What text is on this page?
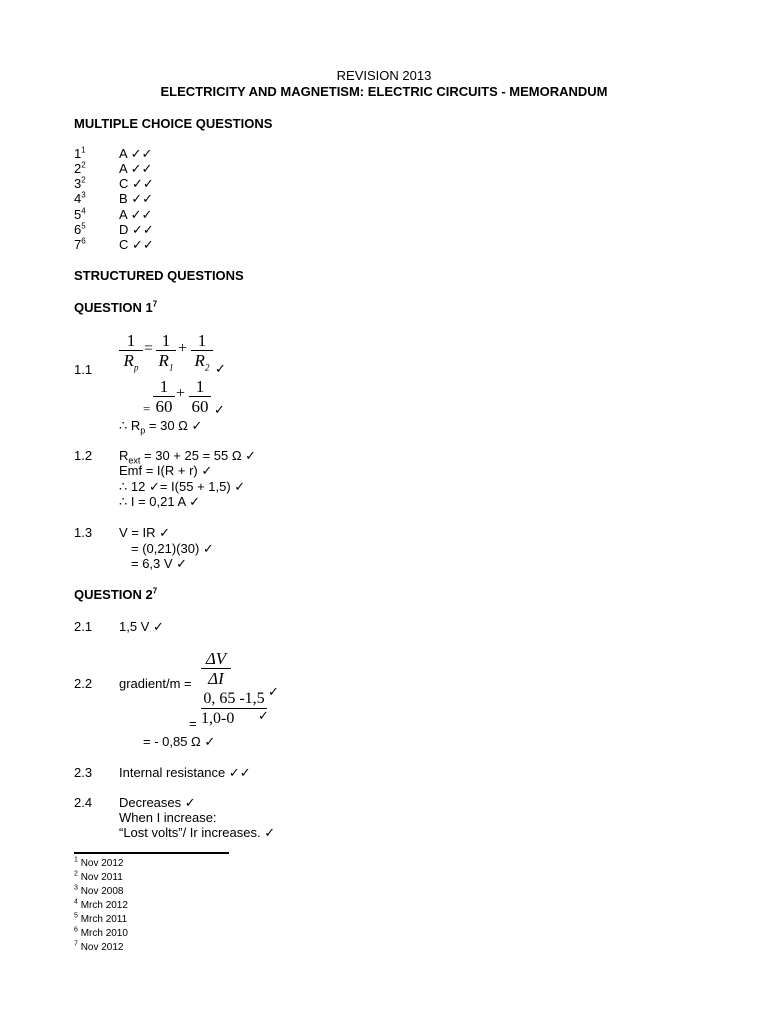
REVISION 2013
ELECTRICITY AND MAGNETISM: ELECTRIC CIRCUITS - MEMORANDUM
MULTIPLE CHOICE QUESTIONS
$1^1$	A ✓✓
$2^2$	A ✓✓
$3^2$	C ✓✓
$4^3$	B ✓✓
$5^4$	A ✓✓
$6^5$	D ✓✓
$7^6$	C ✓✓
STRUCTURED QUESTIONS
QUESTION $1^7$
1.1
1
$R_p$
= 1
$R_1$
+ 1
$R_2$ ✓
=
1
60
+ 1
60 ✓
∴ $R_p = 30$ Ω ✓
1.2 $R_{ext} = 30 + 25 = 55$ Ω ✓
Emf = I(R + r) ✓
∴ 12 ✓= I(55 + 1,5) ✓
∴ I = 0,21 A ✓
1.3 V = IR ✓
= (0,21)(30) ✓
= 6,3 V ✓
QUESTION $2^7$
2.1 1,5 V ✓
2.2 gradient/m =
ΔV
ΔI
0, 65 -1,5
1,0-0
✓
✓
=
= - 0,85 Ω ✓
2.3 Internal resistance ✓✓
2.4 Decreases ✓
When I increase:
“Lost volts”/ Ir increases. ✓
$^1$ Nov 2012
$^2$ Nov 2011
$^3$ Nov 2008
$^4$ Mrch 2012
$^5$ Mrch 2011
$^6$ Mrch 2010
$^7$ Nov 2012
